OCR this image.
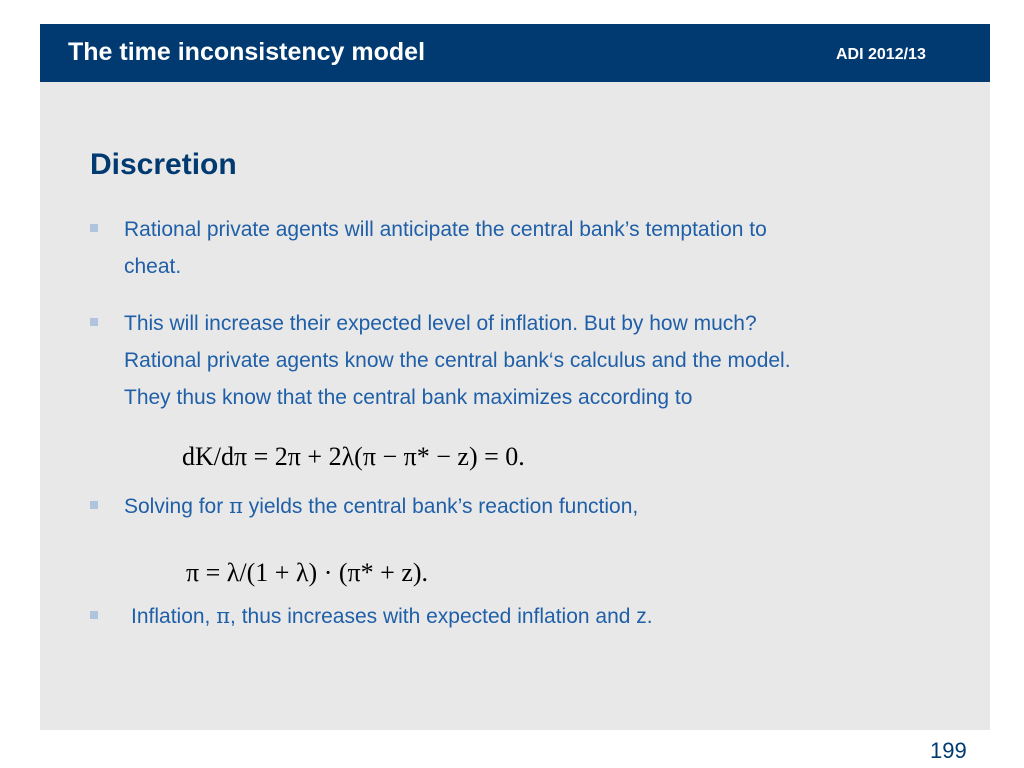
The time inconsistency model	ADI 2012/13
Discretion
Rational private agents will anticipate the central bank’s temptation to
cheat.
This will increase their expected level of inflation. But by how much?
Rational private agents know the central bank‘s calculus and the model.
They thus know that the central bank maximizes according to
dK/dπ = 2π + 2λ(π − π* − z) = 0.
Solving for π yields the central bank’s reaction function,
π = λ/(1 + λ) · (π* + z).
Inflation, π, thus increases with expected inflation and z.
199
